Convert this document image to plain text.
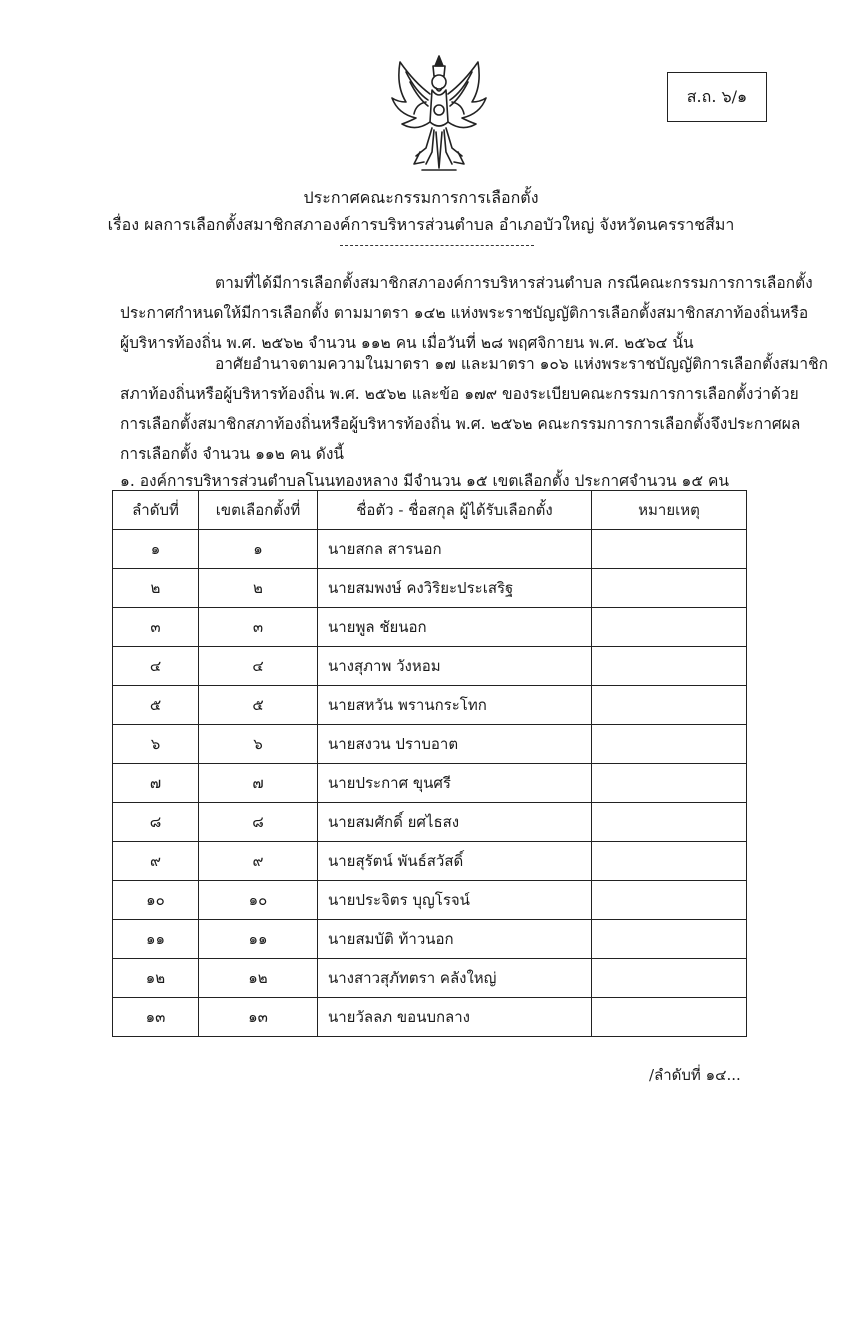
ส.ถ. ๖/๑
ประกาศคณะกรรมการการเลือกตั้ง
เรื่อง ผลการเลือกตั้งสมาชิกสภาองค์การบริหารส่วนตำบล อำเภอบัวใหญ่ จังหวัดนครราชสีมา
ตามที่ได้มีการเลือกตั้งสมาชิกสภาองค์การบริหารส่วนตำบล กรณีคณะกรรมการการเลือกตั้ง
ประกาศกำหนดให้มีการเลือกตั้ง ตามมาตรา ๑๔๒ แห่งพระราชบัญญัติการเลือกตั้งสมาชิกสภาท้องถิ่นหรือ
ผู้บริหารท้องถิ่น พ.ศ. ๒๕๖๒ จำนวน ๑๑๒ คน เมื่อวันที่ ๒๘ พฤศจิกายน พ.ศ. ๒๕๖๔ นั้น
อาศัยอำนาจตามความในมาตรา ๑๗ และมาตรา ๑๐๖ แห่งพระราชบัญญัติการเลือกตั้งสมาชิก
สภาท้องถิ่นหรือผู้บริหารท้องถิ่น พ.ศ. ๒๕๖๒ และข้อ ๑๗๙ ของระเบียบคณะกรรมการการเลือกตั้งว่าด้วย
การเลือกตั้งสมาชิกสภาท้องถิ่นหรือผู้บริหารท้องถิ่น พ.ศ. ๒๕๖๒ คณะกรรมการการเลือกตั้งจึงประกาศผล
การเลือกตั้ง จำนวน ๑๑๒ คน ดังนี้
๑. องค์การบริหารส่วนตำบลโนนทองหลาง มีจำนวน ๑๕ เขตเลือกตั้ง ประกาศจำนวน ๑๕ คน
ลำดับที่	เขตเลือกตั้งที่	ชื่อตัว - ชื่อสกุล ผู้ได้รับเลือกตั้ง	หมายเหตุ
๑	๑	นายสกล สารนอก	
๒	๒	นายสมพงษ์ คงวิริยะประเสริฐ	
๓	๓	นายพูล ชัยนอก	
๔	๔	นางสุภาพ วังหอม	
๕	๕	นายสหวัน พรานกระโทก	
๖	๖	นายสงวน ปราบอาต	
๗	๗	นายประกาศ ขุนศรี	
๘	๘	นายสมศักดิ์ ยศไธสง	
๙	๙	นายสุรัตน์ พันธ์สวัสดิ์	
๑๐	๑๐	นายประจิตร บุญโรจน์	
๑๑	๑๑	นายสมบัติ ท้าวนอก	
๑๒	๑๒	นางสาวสุภัทตรา คลังใหญ่	
๑๓	๑๓	นายวัลลภ ขอนบกลาง	
/ลำดับที่ ๑๔...
